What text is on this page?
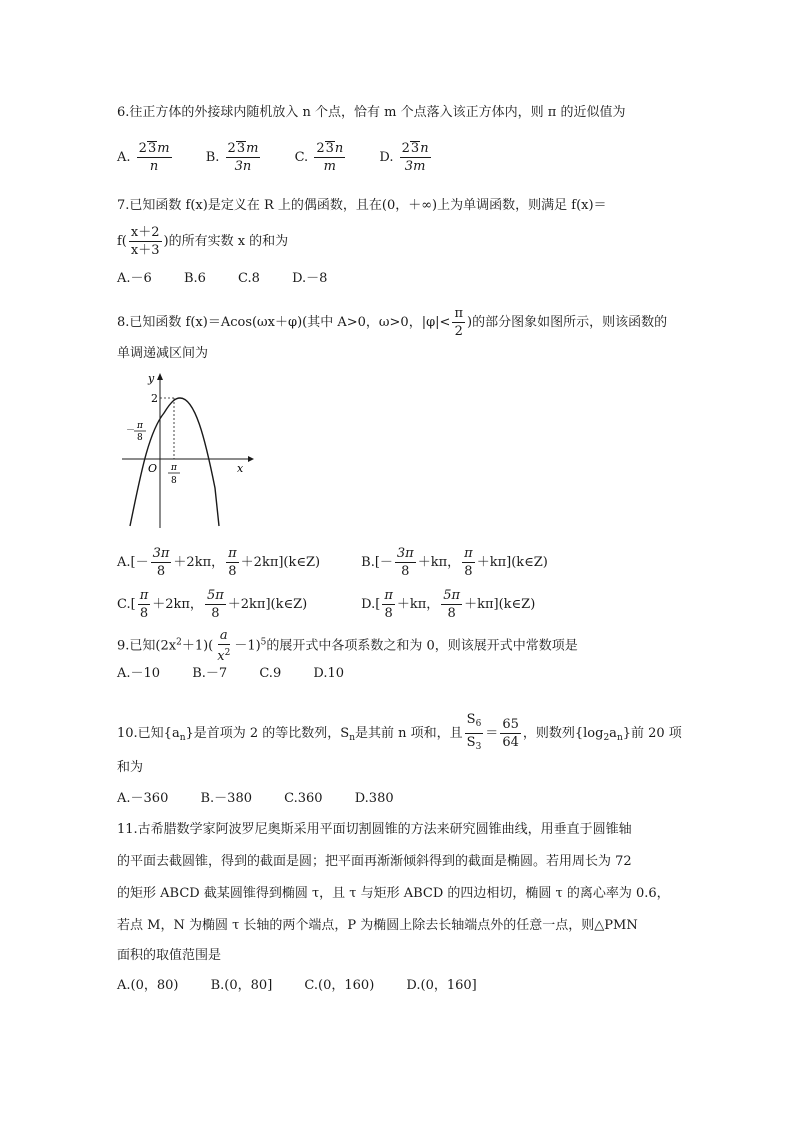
6.往正方体的外接球内随机放入 n 个点，恰有 m 个点落入该正方体内，则 π 的近似值为
A. $\frac{23m}{n}$	B. $\frac{23m}{3n}$	C. $\frac{23n}{m}$	D. $\frac{23n}{3m}$
7.已知函数 f(x)是定义在 R 上的偶函数，且在(0，＋∞)上为单调函数，则满足 f(x)＝
$f( \frac{x+2}{x+3}$ )的所有实数 x 的和为
A.－6 B.6 C.8 D.－8
8.已知函数 f(x)＝Acos(ωx＋φ)(其中 A>0，ω>0，$|\varphi|< \frac{\pi}{2}$ )的部分图象如图所示，则该函数的
单调递减区间为
y
x
O
2
－ π
8
π
8
$A.[- \frac{3\pi}{8} +2k\pi$， $\frac{\pi}{8}$ ＋2kπ](k∈Z)	$B.[- \frac{3\pi}{8} +k\pi$， $\frac{\pi}{8}$ ＋kπ](k∈Z)
$C.[ \frac{\pi}{8} +2k\pi$， $\frac{5\pi}{8}$ ＋2kπ](k∈Z)	$D.[ \frac{\pi}{8} +k\pi$， $\frac{5\pi}{8}$ ＋kπ](k∈Z)
9.已知$(2x^2+1)( \frac{a}{x^2} -1)^5$的展开式中各项系数之和为 0，则该展开式中常数项是
A.－10 B.－7 C.9 D.10
10.已知$\{a_n\}$是首项为 2 的等比数列，$S_n$是其前 n 项和，且 $\frac{S_6}{S_3} = \frac{65}{64}$ ，则数列$\{\log_2a_n\}$前 20 项
和为
A.－360 B.－380 C.360 D.380
11.古希腊数学家阿波罗尼奥斯采用平面切割圆锥的方法来研究圆锥曲线，用垂直于圆锥轴
的平面去截圆锥，得到的截面是圆；把平面再渐渐倾斜得到的截面是椭圆。若用周长为 72
的矩形 ABCD 截某圆锥得到椭圆 τ，且 τ 与矩形 ABCD 的四边相切，椭圆 τ 的离心率为 0.6，
若点 M，N 为椭圆 τ 长轴的两个端点，P 为椭圆上除去长轴端点外的任意一点，则△PMN
面积的取值范围是
A.(0，80) B.(0，80] C.(0，160) D.(0，160]
